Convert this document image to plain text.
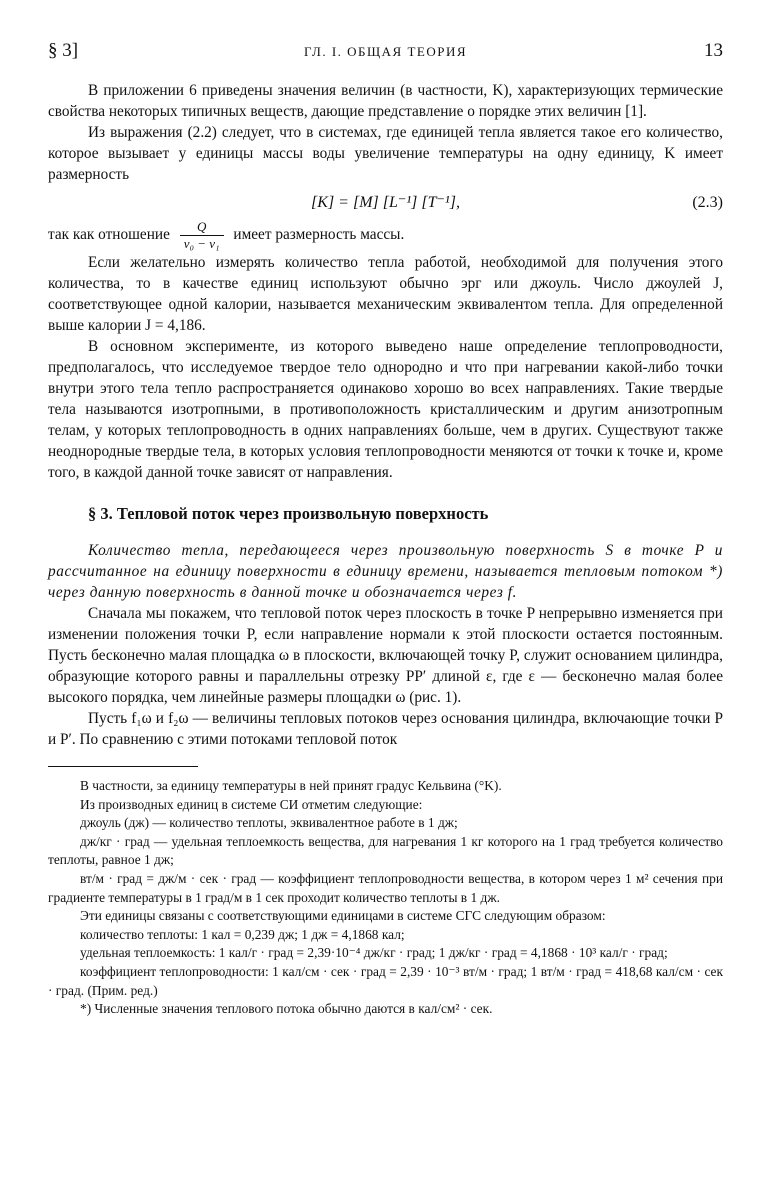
§ 3]	ГЛ. I. ОБЩАЯ ТЕОРИЯ	13

В приложении 6 приведены значения величин (в частности, K), характеризующих термические свойства некоторых типичных веществ, дающие представление о порядке этих величин [1].

Из выражения (2.2) следует, что в системах, где единицей тепла является такое его количество, которое вызывает у единицы массы воды увеличение температуры на одну единицу, K имеет размерность

[K] = [M] [L⁻¹] [T⁻¹],	(2.3)

так как отношение $\frac{Q}{\text{v₀ − v₁}}$ имеет размерность массы.

Если желательно измерять количество тепла работой, необходимой для получения этого количества, то в качестве единиц используют обычно эрг или джоуль. Число джоулей J, соответствующее одной калории, называется механическим эквивалентом тепла. Для определенной выше калории J = 4,186.

В основном эксперименте, из которого выведено наше определение теплопроводности, предполагалось, что исследуемое твердое тело однородно и что при нагревании какой-либо точки внутри этого тела тепло распространяется одинаково хорошо во всех направлениях. Такие твердые тела называются изотропными, в противоположность кристаллическим и другим анизотропным телам, у которых теплопроводность в одних направлениях больше, чем в других. Существуют также неоднородные твердые тела, в которых условия теплопроводности меняются от точки к точке и, кроме того, в каждой данной точке зависят от направления.

§ 3. Тепловой поток через произвольную поверхность

Количество тепла, передающееся через произвольную поверхность S в точке P и рассчитанное на единицу поверхности в единицу времени, называется тепловым потоком *) через данную поверхность в данной точке и обозначается через f.

Сначала мы покажем, что тепловой поток через плоскость в точке P непрерывно изменяется при изменении положения точки P, если направление нормали к этой плоскости остается постоянным. Пусть бесконечно малая площадка ω в плоскости, включающей точку P, служит основанием цилиндра, образующие которого равны и параллельны отрезку PP′ длиной ε, где ε — бесконечно малая более высокого порядка, чем линейные размеры площадки ω (рис. 1).

Пусть f₁ω и f₂ω — величины тепловых потоков через основания цилиндра, включающие точки P и P′. По сравнению с этими потоками тепловой поток

В частности, за единицу температуры в ней принят градус Кельвина (°K).

Из производных единиц в системе СИ отметим следующие:

джоуль (дж) — количество теплоты, эквивалентное работе в 1 дж;

дж/кг · град — удельная теплоемкость вещества, для нагревания 1 кг которого на 1 град требуется количество теплоты, равное 1 дж;

вт/м · град = дж/м · сек · град — коэффициент теплопроводности вещества, в котором через 1 м² сечения при градиенте температуры в 1 град/м в 1 сек проходит количество теплоты в 1 дж.

Эти единицы связаны с соответствующими единицами в системе СГС следующим образом:

количество теплоты: 1 кал = 0,239 дж; 1 дж = 4,1868 кал;

удельная теплоемкость: 1 кал/г · град = 2,39·10⁻⁴ дж/кг · град; 1 дж/кг · град = 4,1868 · 10³ кал/г · град;

коэффициент теплопроводности: 1 кал/см · сек · град = 2,39 · 10⁻³ вт/м · град; 1 вт/м · град = 418,68 кал/см · сек · град. (Прим. ред.)

*) Численные значения теплового потока обычно даются в кал/см² · сек.
